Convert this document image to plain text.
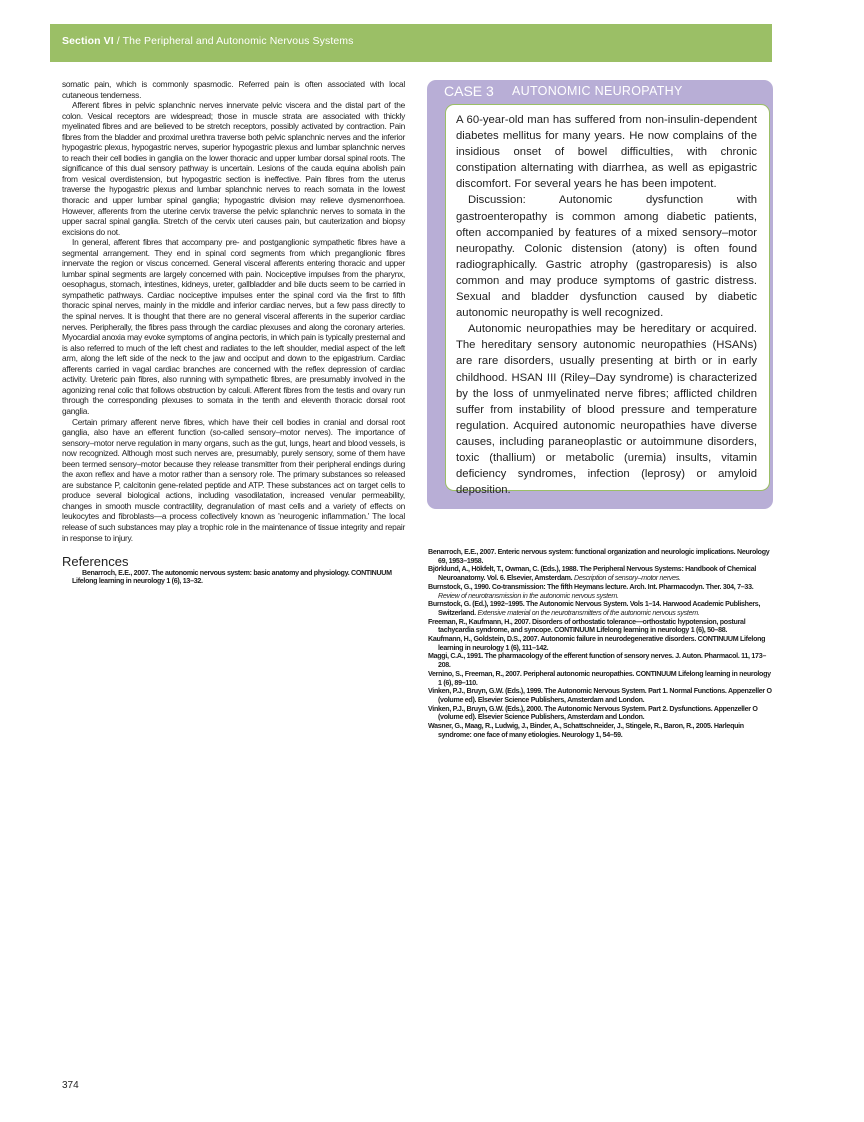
Section VI / The Peripheral and Autonomic Nervous Systems

somatic pain, which is commonly spasmodic. Referred pain is often associated with local cutaneous tenderness.

Afferent fibres in pelvic splanchnic nerves innervate pelvic viscera and the distal part of the colon. Vesical receptors are widespread; those in muscle strata are associated with thickly myelinated fibres and are believed to be stretch receptors, possibly activated by contraction. Pain fibres from the bladder and proximal urethra traverse both pelvic splanchnic nerves and the inferior hypogastric plexus, hypogastric nerves, superior hypogastric plexus and lumbar splanchnic nerves to reach their cell bodies in ganglia on the lower thoracic and upper lumbar dorsal spinal roots. The significance of this dual sensory pathway is uncertain. Lesions of the cauda equina abolish pain from vesical overdistension, but hypogastric section is ineffective. Pain fibres from the uterus traverse the hypogastric plexus and lumbar splanchnic nerves to reach somata in the lowest thoracic and upper lumbar spinal ganglia; hypogastric division may relieve dysmenorrhoea. However, afferents from the uterine cervix traverse the pelvic splanchnic nerves to somata in the upper sacral spinal ganglia. Stretch of the cervix uteri causes pain, but cauterization and biopsy excisions do not.

In general, afferent fibres that accompany pre- and postganglionic sympathetic fibres have a segmental arrangement. They end in spinal cord segments from which preganglionic fibres innervate the region or viscus concerned. General visceral afferents entering thoracic and upper lumbar spinal segments are largely concerned with pain. Nociceptive impulses from the pharynx, oesophagus, stomach, intestines, kidneys, ureter, gallbladder and bile ducts seem to be carried in sympathetic pathways. Cardiac nociceptive impulses enter the spinal cord via the first to fifth thoracic spinal nerves, mainly in the middle and inferior cardiac nerves, but a few pass directly to the spinal nerves. It is thought that there are no general visceral afferents in the superior cardiac nerves. Peripherally, the fibres pass through the cardiac plexuses and along the coronary arteries. Myocardial anoxia may evoke symptoms of angina pectoris, in which pain is typically presternal and is also referred to much of the left chest and radiates to the left shoulder, medial aspect of the left arm, along the left side of the neck to the jaw and occiput and down to the epigastrium. Cardiac afferents carried in vagal cardiac branches are concerned with the reflex depression of cardiac activity. Ureteric pain fibres, also running with sympathetic fibres, are presumably involved in the agonizing renal colic that follows obstruction by calculi. Afferent fibres from the testis and ovary run through the corresponding plexuses to somata in the tenth and eleventh thoracic dorsal root ganglia.

Certain primary afferent nerve fibres, which have their cell bodies in cranial and dorsal root ganglia, also have an efferent function (so-called sensory–motor nerves). The importance of sensory–motor nerve regulation in many organs, such as the gut, lungs, heart and blood vessels, is now recognized. Although most such nerves are, presumably, purely sensory, some of them have been termed sensory–motor because they release transmitter from their peripheral endings during the axon reflex and have a motor rather than a sensory role. The primary substances so released are substance P, calcitonin gene-related peptide and ATP. These substances act on target cells to produce several biological actions, including vasodilatation, increased venular permeability, changes in smooth muscle contractility, degranulation of mast cells and a variety of effects on leukocytes and fibroblasts—a process collectively known as 'neurogenic inflammation.' The local release of such substances may play a trophic role in the maintenance of tissue integrity and repair in response to injury.

References

Benarroch, E.E., 2007. The autonomic nervous system: basic anatomy and physiology. CONTINUUM Lifelong learning in neurology 1 (6), 13–32.

CASE 3 AUTONOMIC NEUROPATHY

A 60-year-old man has suffered from non-insulin-dependent diabetes mellitus for many years. He now complains of the insidious onset of bowel difficulties, with chronic constipation alternating with diarrhea, as well as epigastric discomfort. For several years he has been impotent.

Discussion: Autonomic dysfunction with gastroenteropathy is common among diabetic patients, often accompanied by features of a mixed sensory–motor neuropathy. Colonic distension (atony) is often found radiographically. Gastric atrophy (gastroparesis) is also common and may produce symptoms of gastric distress. Sexual and bladder dysfunction caused by diabetic autonomic neuropathy is well recognized.

Autonomic neuropathies may be hereditary or acquired. The hereditary sensory autonomic neuropathies (HSANs) are rare disorders, usually presenting at birth or in early childhood. HSAN III (Riley–Day syndrome) is characterized by the loss of unmyelinated nerve fibres; afflicted children suffer from instability of blood pressure and temperature regulation. Acquired autonomic neuropathies have diverse causes, including paraneoplastic or autoimmune disorders, toxic (thallium) or metabolic (uremia) insults, vitamin deficiency syndromes, infection (leprosy) or amyloid deposition.

Benarroch, E.E., 2007. Enteric nervous system: functional organization and neurologic implications. Neurology 69, 1953–1958.

Björklund, A., Hökfelt, T., Owman, C. (Eds.), 1988. The Peripheral Nervous Systems: Handbook of Chemical Neuroanatomy. Vol. 6. Elsevier, Amsterdam. Description of sensory–motor nerves.

Burnstock, G., 1990. Co-transmission: The fifth Heymans lecture. Arch. Int. Pharmacodyn. Ther. 304, 7–33. Review of neurotransmission in the autonomic nervous system.

Burnstock, G. (Ed.), 1992–1995. The Autonomic Nervous System. Vols 1–14. Harwood Academic Publishers, Switzerland. Extensive material on the neurotransmitters of the autonomic nervous system.

Freeman, R., Kaufmann, H., 2007. Disorders of orthostatic tolerance—orthostatic hypotension, postural tachycardia syndrome, and syncope. CONTINUUM Lifelong learning in neurology 1 (6), 50–88.

Kaufmann, H., Goldstein, D.S., 2007. Autonomic failure in neurodegenerative disorders. CONTINUUM Lifelong learning in neurology 1 (6), 111–142.

Maggi, C.A., 1991. The pharmacology of the efferent function of sensory nerves. J. Auton. Pharmacol. 11, 173–208.

Vernino, S., Freeman, R., 2007. Peripheral autonomic neuropathies. CONTINUUM Lifelong learning in neurology 1 (6), 89–110.

Vinken, P.J., Bruyn, G.W. (Eds.), 1999. The Autonomic Nervous System. Part 1. Normal Functions. Appenzeller O (volume ed). Elsevier Science Publishers, Amsterdam and London.

Vinken, P.J., Bruyn, G.W. (Eds.), 2000. The Autonomic Nervous System. Part 2. Dysfunctions. Appenzeller O (volume ed). Elsevier Science Publishers, Amsterdam and London.

Wasner, G., Maag, R., Ludwig, J., Binder, A., Schattschneider, J., Stingele, R., Baron, R., 2005. Harlequin syndrome: one face of many etiologies. Neurology 1, 54–59.

374
